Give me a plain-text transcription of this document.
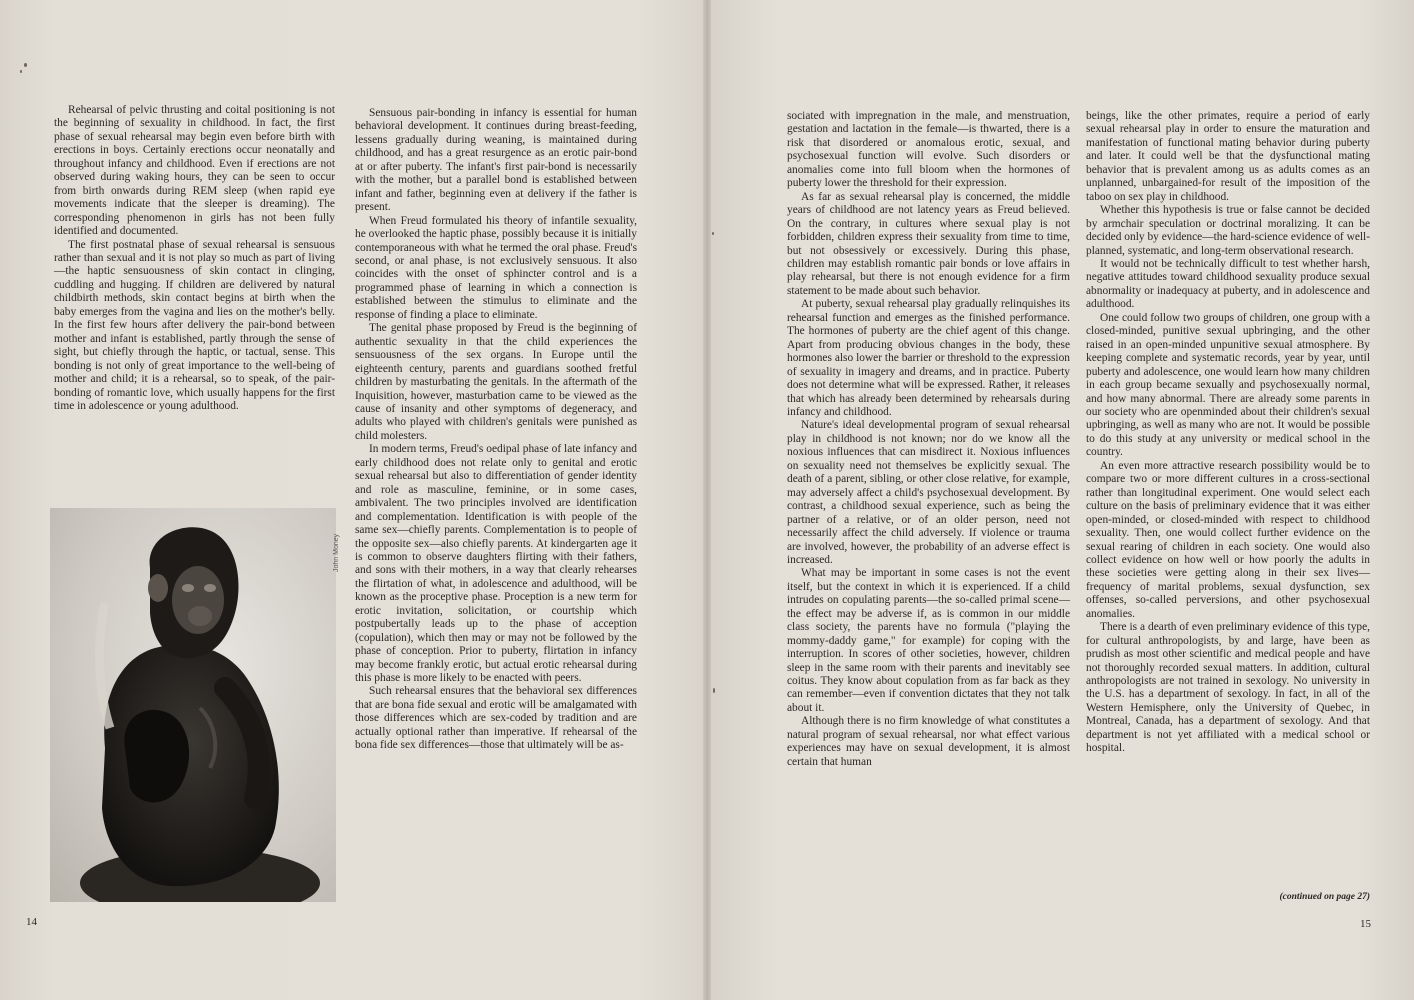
Rehearsal of pelvic thrusting and coital positioning is not the beginning of sexuality in childhood. In fact, the first phase of sexual rehearsal may begin even before birth with erections in boys. Certainly erections occur neonatally and throughout infancy and childhood. Even if erections are not observed during waking hours, they can be seen to occur from birth onwards during REM sleep (when rapid eye movements indicate that the sleeper is dreaming). The corresponding phenomenon in girls has not been fully identified and documented.

The first postnatal phase of sexual rehearsal is sensuous rather than sexual and it is not play so much as part of living—the haptic sensuousness of skin contact in clinging, cuddling and hugging. If children are delivered by natural childbirth methods, skin contact begins at birth when the baby emerges from the vagina and lies on the mother's belly. In the first few hours after delivery the pair-bond between mother and infant is established, partly through the sense of sight, but chiefly through the haptic, or tactual, sense. This bonding is not only of great importance to the well-being of mother and child; it is a rehearsal, so to speak, of the pair-bonding of romantic love, which usually happens for the first time in adolescence or young adulthood.

John Money

Sensuous pair-bonding in infancy is essential for human behavioral development. It continues during breast-feeding, lessens gradually during weaning, is maintained during childhood, and has a great resurgence as an erotic pair-bond at or after puberty. The infant's first pair-bond is necessarily with the mother, but a parallel bond is established between infant and father, beginning even at delivery if the father is present.

When Freud formulated his theory of infantile sexuality, he overlooked the haptic phase, possibly because it is initially contemporaneous with what he termed the oral phase. Freud's second, or anal phase, is not exclusively sensuous. It also coincides with the onset of sphincter control and is a programmed phase of learning in which a connection is established between the stimulus to eliminate and the response of finding a place to eliminate.

The genital phase proposed by Freud is the beginning of authentic sexuality in that the child experiences the sensuousness of the sex organs. In Europe until the eighteenth century, parents and guardians soothed fretful children by masturbating the genitals. In the aftermath of the Inquisition, however, masturbation came to be viewed as the cause of insanity and other symptoms of degeneracy, and adults who played with children's genitals were punished as child molesters.

In modern terms, Freud's oedipal phase of late infancy and early childhood does not relate only to genital and erotic sexual rehearsal but also to differentiation of gender identity and role as masculine, feminine, or in some cases, ambivalent. The two principles involved are identification and complementation. Identification is with people of the same sex—chiefly parents. Complementation is to people of the opposite sex—also chiefly parents. At kindergarten age it is common to observe daughters flirting with their fathers, and sons with their mothers, in a way that clearly rehearses the flirtation of what, in adolescence and adulthood, will be known as the proceptive phase. Proception is a new term for erotic invitation, solicitation, or courtship which postpubertally leads up to the phase of acception (copulation), which then may or may not be followed by the phase of conception. Prior to puberty, flirtation in infancy may become frankly erotic, but actual erotic rehearsal during this phase is more likely to be enacted with peers.

Such rehearsal ensures that the behavioral sex differences that are bona fide sexual and erotic will be amalgamated with those differences which are sex-coded by tradition and are actually optional rather than imperative. If rehearsal of the bona fide sex differences—those that ultimately will be as-

sociated with impregnation in the male, and menstruation, gestation and lactation in the female—is thwarted, there is a risk that disordered or anomalous erotic, sexual, and psychosexual function will evolve. Such disorders or anomalies come into full bloom when the hormones of puberty lower the threshold for their expression.

As far as sexual rehearsal play is concerned, the middle years of childhood are not latency years as Freud believed. On the contrary, in cultures where sexual play is not forbidden, children express their sexuality from time to time, but not obsessively or excessively. During this phase, children may establish romantic pair bonds or love affairs in play rehearsal, but there is not enough evidence for a firm statement to be made about such behavior.

At puberty, sexual rehearsal play gradually relinquishes its rehearsal function and emerges as the finished performance. The hormones of puberty are the chief agent of this change. Apart from producing obvious changes in the body, these hormones also lower the barrier or threshold to the expression of sexuality in imagery and dreams, and in practice. Puberty does not determine what will be expressed. Rather, it releases that which has already been determined by rehearsals during infancy and childhood.

Nature's ideal developmental program of sexual rehearsal play in childhood is not known; nor do we know all the noxious influences that can misdirect it. Noxious influences on sexuality need not themselves be explicitly sexual. The death of a parent, sibling, or other close relative, for example, may adversely affect a child's psychosexual development. By contrast, a childhood sexual experience, such as being the partner of a relative, or of an older person, need not necessarily affect the child adversely. If violence or trauma are involved, however, the probability of an adverse effect is increased.

What may be important in some cases is not the event itself, but the context in which it is experienced. If a child intrudes on copulating parents—the so-called primal scene—the effect may be adverse if, as is common in our middle class society, the parents have no formula ("playing the mommy-daddy game," for example) for coping with the interruption. In scores of other societies, however, children sleep in the same room with their parents and inevitably see coitus. They know about copulation from as far back as they can remember—even if convention dictates that they not talk about it.

Although there is no firm knowledge of what constitutes a natural program of sexual rehearsal, nor what effect various experiences may have on sexual development, it is almost certain that human

beings, like the other primates, require a period of early sexual rehearsal play in order to ensure the maturation and manifestation of functional mating behavior during puberty and later. It could well be that the dysfunctional mating behavior that is prevalent among us as adults comes as an unplanned, unbargained-for result of the imposition of the taboo on sex play in childhood.

Whether this hypothesis is true or false cannot be decided by armchair speculation or doctrinal moralizing. It can be decided only by evidence—the hard-science evidence of well-planned, systematic, and long-term observational research.

It would not be technically difficult to test whether harsh, negative attitudes toward childhood sexuality produce sexual abnormality or inadequacy at puberty, and in adolescence and adulthood.

One could follow two groups of children, one group with a closed-minded, punitive sexual upbringing, and the other raised in an open-minded unpunitive sexual atmosphere. By keeping complete and systematic records, year by year, until puberty and adolescence, one would learn how many children in each group became sexually and psychosexually normal, and how many abnormal. There are already some parents in our society who are openminded about their children's sexual upbringing, as well as many who are not. It would be possible to do this study at any university or medical school in the country.

An even more attractive research possibility would be to compare two or more different cultures in a cross-sectional rather than longitudinal experiment. One would select each culture on the basis of preliminary evidence that it was either open-minded, or closed-minded with respect to childhood sexuality. Then, one would collect further evidence on the sexual rearing of children in each society. One would also collect evidence on how well or how poorly the adults in these societies were getting along in their sex lives—frequency of marital problems, sexual dysfunction, sex offenses, so-called perversions, and other psychosexual anomalies.

There is a dearth of even preliminary evidence of this type, for cultural anthropologists, by and large, have been as prudish as most other scientific and medical people and have not thoroughly recorded sexual matters. In addition, cultural anthropologists are not trained in sexology. No university in the U.S. has a department of sexology. In fact, in all of the Western Hemisphere, only the University of Quebec, in Montreal, Canada, has a department of sexology. And that department is not yet affiliated with a medical school or hospital.

(continued on page 27)
14	15
